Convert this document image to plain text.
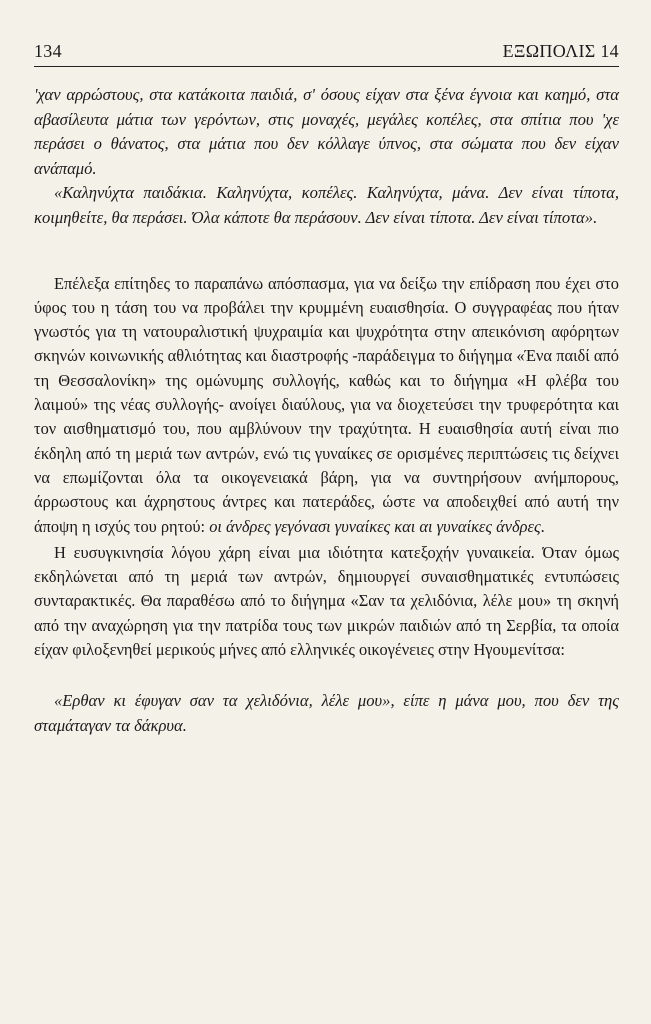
134	ΕΞΩΠΟΛΙΣ 14

'χαν αρρώστους, στα κατάκοιτα παιδιά, σ' όσους είχαν στα ξένα έγνοια και καημό, στα αβασίλευτα μάτια των γερόντων, στις μοναχές, μεγάλες κοπέλες, στα σπίτια που 'χε περάσει ο θάνατος, στα μάτια που δεν κόλλαγε ύπνος, στα σώματα που δεν είχαν ανάπαμό.

«Καληνύχτα παιδάκια. Καληνύχτα, κοπέλες. Καληνύχτα, μάνα. Δεν είναι τίποτα, κοιμηθείτε, θα περάσει. Όλα κάποτε θα περάσουν. Δεν είναι τίποτα. Δεν είναι τίποτα».

Επέλεξα επίτηδες το παραπάνω απόσπασμα, για να δείξω την επίδραση που έχει στο ύφος του η τάση του να προβάλει την κρυμμένη ευαισθησία. Ο συγγραφέας που ήταν γνωστός για τη νατουραλιστική ψυχραιμία και ψυχρότητα στην απεικόνιση αφόρητων σκηνών κοινωνικής αθλιότητας και διαστροφής -παράδειγμα το διήγημα «Ένα παιδί από τη Θεσσαλονίκη» της ομώνυμης συλλογής, καθώς και το διήγημα «Η φλέβα του λαιμού» της νέας συλλογής- ανοίγει διαύλους, για να διοχετεύσει την τρυφερότητα και τον αισθηματισμό του, που αμβλύνουν την τραχύτητα. Η ευαισθησία αυτή είναι πιο έκδηλη από τη μεριά των αντρών, ενώ τις γυναίκες σε ορισμένες περιπτώσεις τις δείχνει να επωμίζονται όλα τα οικογενειακά βάρη, για να συντηρήσουν ανήμπορους, άρρωστους και άχρηστους άντρες και πατεράδες, ώστε να αποδειχθεί από αυτή την άποψη η ισχύς του ρητού: οι άνδρες γεγόνασι γυναίκες και αι γυναίκες άνδρες.

Η ευσυγκινησία λόγου χάρη είναι μια ιδιότητα κατεξοχήν γυναικεία. Όταν όμως εκδηλώνεται από τη μεριά των αντρών, δημιουργεί συναισθηματικές εντυπώσεις συνταρακτικές. Θα παραθέσω από το διήγημα «Σαν τα χελιδόνια, λέλε μου» τη σκηνή από την αναχώρηση για την πατρίδα τους των μικρών παιδιών από τη Σερβία, τα οποία είχαν φιλοξενηθεί μερικούς μήνες από ελληνικές οικογένειες στην Ηγουμενίτσα:

«Ερθαν κι έφυγαν σαν τα χελιδόνια, λέλε μου», είπε η μάνα μου, που δεν της σταμάταγαν τα δάκρυα.
